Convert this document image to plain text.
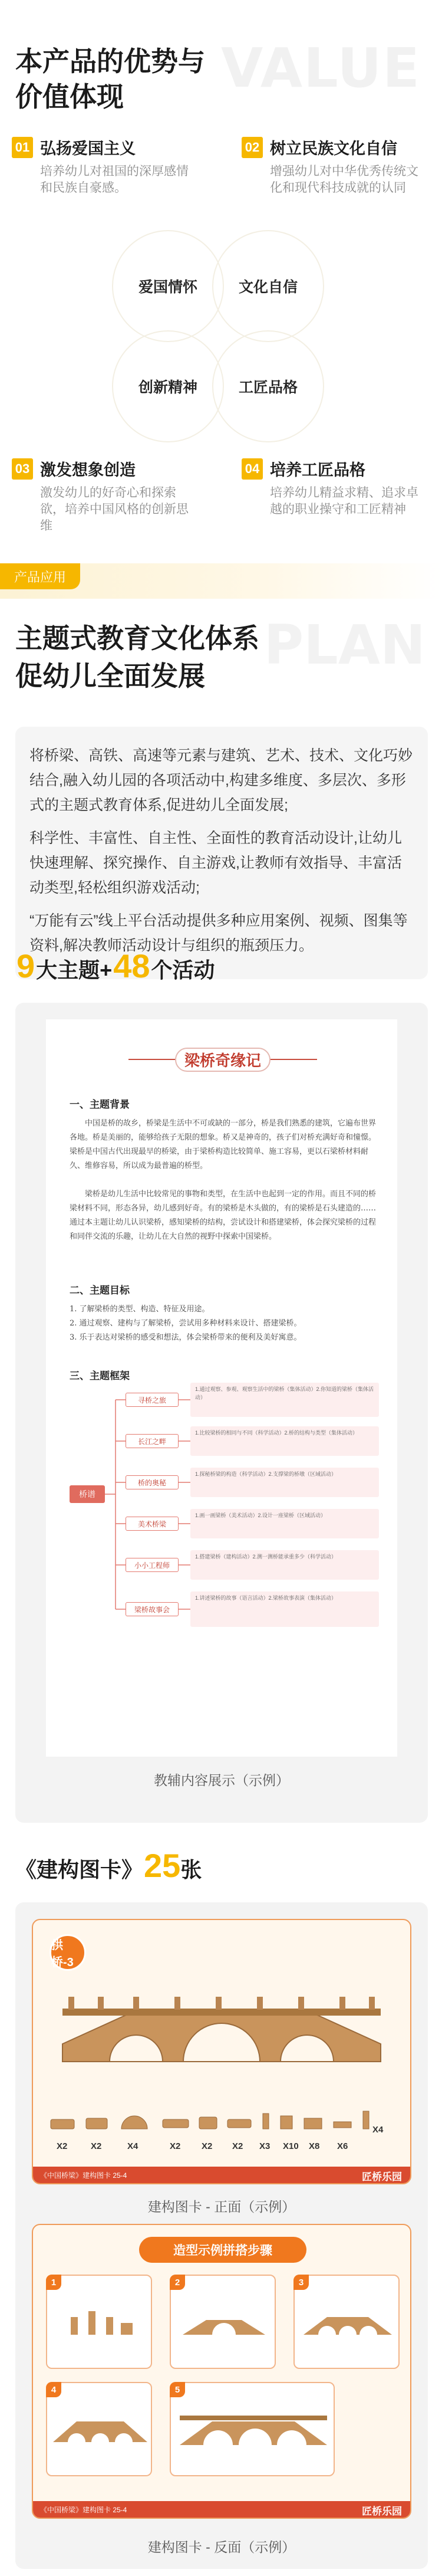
VALUE
本产品的优势与
价值体现
01 弘扬爱国主义
培养幼儿对祖国的深厚感情和民族自豪感。
02 树立民族文化自信
增强幼儿对中华优秀传统文化和现代科技成就的认同
爱国情怀	文化自信
创新精神	工匠品格
03 激发想象创造
激发幼儿的好奇心和探索欲，培养中国风格的创新思维
04 培养工匠品格
培养幼儿精益求精、追求卓越的职业操守和工匠精神
产品应用
PLAN
主题式教育文化体系
促幼儿全面发展

将桥梁、高铁、高速等元素与建筑、艺术、技术、文化巧妙结合,融入幼儿园的各项活动中,构建多维度、多层次、多形式的主题式教育体系,促进幼儿全面发展;

科学性、丰富性、自主性、全面性的教育活动设计,让幼儿快速理解、探究操作、自主游戏,让教师有效指导、丰富活动类型,轻松组织游戏活动;

“万能有云”线上平台活动提供多种应用案例、视频、图集等资料,解决教师活动设计与组织的瓶颈压力。

9 大主题+ 48 个活动
梁桥奇缘记
一、主题背景
中国是桥的故乡，桥梁是生活中不可或缺的一部分，桥是我们熟悉的建筑，它遍布世界各地。桥是美丽的，能够给孩子无限的想象。桥又是神奇的，孩子们对桥充满好奇和憧憬。梁桥是中国古代出现最早的桥梁，由于梁桥构造比较简单、施工容易，更以石梁桥材料耐久、维修容易，所以成为最普遍的桥型。
梁桥是幼儿生活中比较常见的事物和类型，在生活中也起到一定的作用。而且不同的桥梁材料不同，形态各异，幼儿感到好奇。有的梁桥是木头做的，有的梁桥是石头建造的……通过本主题让幼儿认识梁桥，感知梁桥的结构，尝试设计和搭建梁桥，体会探究梁桥的过程和同伴交流的乐趣，让幼儿在大自然的视野中探索中国梁桥。
二、主题目标
1. 了解梁桥的类型、构造、特征及用途。
2. 通过观察、建构与了解梁桥，尝试用多种材料来设计、搭建梁桥。
3. 乐于表达对梁桥的感受和想法，体会梁桥带来的便利及美好寓意。
三、主题框架
桥谱
寻桥之旅
长江之畔
桥的奥秘
美术桥梁
小小工程师
梁桥故事会
1.通过观察、参观、观察生活中的梁桥（集体活动）2.你知道的梁桥（集体活动）
1.比较梁桥的相同与不同（科学活动）2.桥的结构与类型（集体活动）
1.探秘桥梁的构造（科学活动）2.支撑梁的桥墩（区域活动）
1.画一画梁桥（美术活动）2.设计一座梁桥（区域活动）
1.搭建梁桥（建构活动）2.测一测桥能承重多少（科学活动）
1.讲述梁桥的故事（语言活动）2.梁桥故事表演（集体活动）
教辅内容展示（示例）
《建构图卡》 25 张
拱桥-3
X2	X2	X4	X2 X2 X2 X3 X10 X8 X6
X4
《中国桥梁》建构图卡 25-4	匠桥乐园
建构图卡 - 正面（示例）
造型示例拼搭步骤
1	2	3
4	5
《中国桥梁》建构图卡 25-4	匠桥乐园
建构图卡 - 反面（示例）
